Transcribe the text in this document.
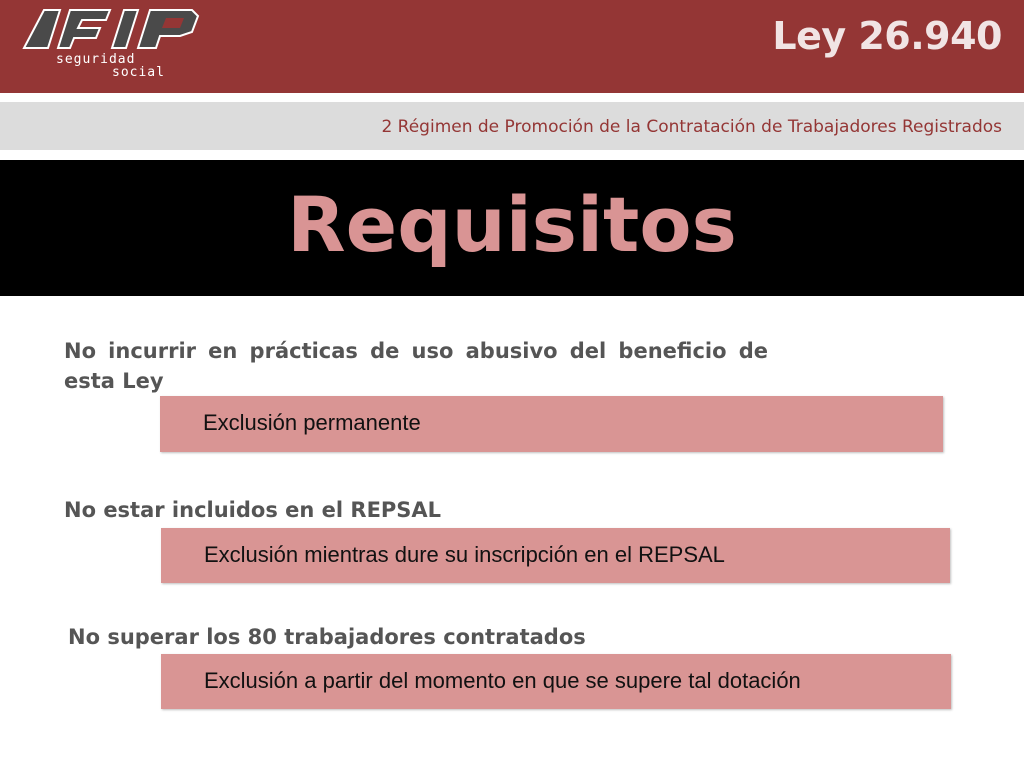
seguridad
social
Ley 26.940
2 Régimen de Promoción de la Contratación de Trabajadores Registrados
Requisitos
No incurrir en prácticas de uso abusivo del beneficio de esta Ley
Exclusión permanente
No estar incluidos en el REPSAL
Exclusión mientras dure su inscripción en el REPSAL
No superar los 80 trabajadores contratados
Exclusión a partir del momento en que se supere tal dotación
